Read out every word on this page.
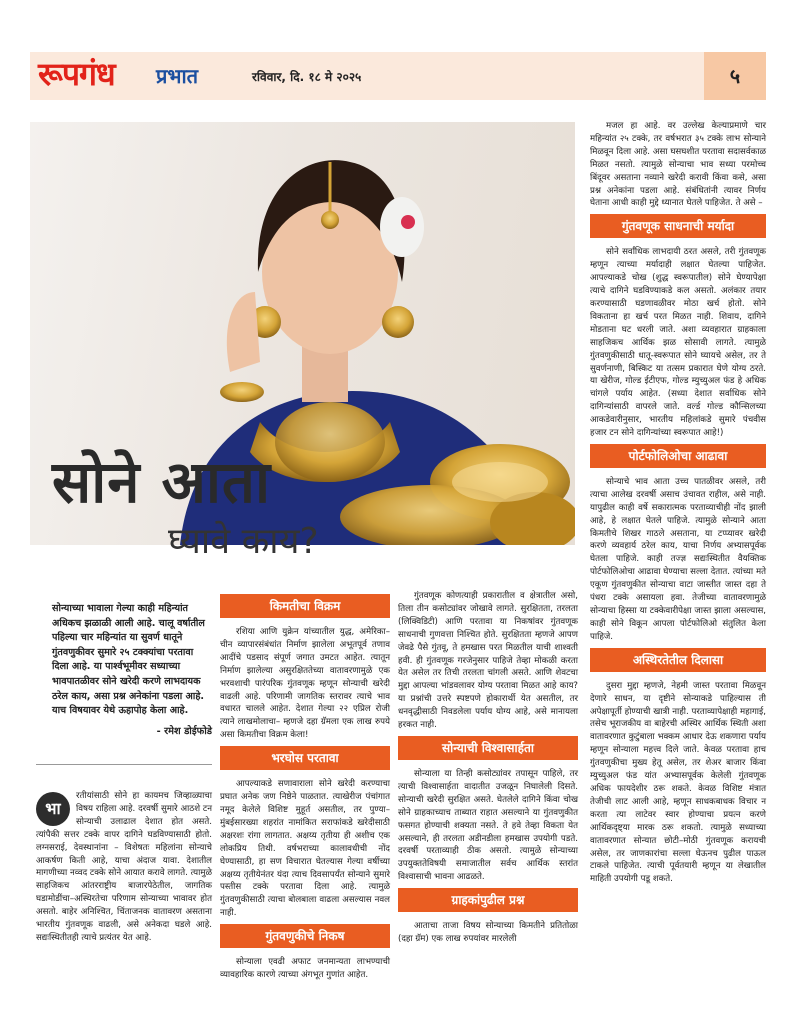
रूपगंध प्रभात	रविवार, दि. १८ मे २०२५	५
सोने आता
घ्यावे काय?
सोन्याच्या भावाला गेल्या काही महिन्यांत अधिकच झळाळी आली आहे. चालू वर्षातील पहिल्या चार महिन्यांत या सुवर्ण धातूने गुंतवणुकीवर सुमारे २५ टक्क्यांचा परतावा दिला आहे. या पार्श्वभूमीवर सध्याच्या भावपातळीवर सोने खरेदी करणे लाभदायक ठरेल काय, असा प्रश्न अनेकांना पडला आहे. याच विषयावर येथे ऊहापोह केला आहे.
- रमेश डोईफोडे
भा

रतीयांसाठी सोने हा कायमच जिव्हाळ्याचा विषय राहिला आहे. दरवर्षी सुमारे आठशे टन सोन्याची उलाढाल देशात होत असते. त्यांपैकी सत्तर टक्के वापर दागिने घडविण्यासाठी होतो. लग्नसराई, देवस्थानांना – विशेषतः महिलांना सोन्याचे आकर्षण किती आहे, याचा अंदाज यावा. देशातील मागणीच्या नव्वद टक्के सोने आयात करावे लागते. त्यामुळे साहजिकच आंतरराष्ट्रीय बाजारपेठेतील, जागतिक घडामोडींचा–अस्थिरतेचा परिणाम सोन्याच्या भावावर होत असतो. बाहेर अनिश्चित, चिंताजनक वातावरण असताना भारतीय गुंतवणूक वाढली, असे अनेकदा घडले आहे. सद्यःस्थितीतही त्याचे प्रत्यंतर येत आहे.

किमतीचा विक्रम

रशिया आणि युक्रेन यांच्यातील युद्ध, अमेरिका–चीन व्यापारसंबंधांत निर्माण झालेला अभूतपूर्व तणाव आदींचे पडसाद संपूर्ण जगात उमटत आहेत. त्यातून निर्माण झालेल्या असुरक्षिततेच्या वातावरणामुळे एक भरवशाची पारंपरिक गुंतवणूक म्हणून सोन्याची खरेदी वाढली आहे. परिणामी जागतिक स्तरावर त्याचे भाव वधारत चालले आहेत. देशात गेल्या २२ एप्रिल रोजी त्याने लाखमोलाचा– म्हणजे दहा ग्रॅमला एक लाख रुपये असा किमतीचा विक्रम केला!

भरघोस परतावा

आपल्याकडे सणावाराला सोने खरेदी करण्याचा प्रघात अनेक जण निष्ठेने पाळतात. त्याखेरीज पंचांगात नमूद केलेले विशिष्ट मुहूर्त असतील, तर पुण्या–मुंबईसारख्या शहरांत नामांकित सराफांकडे खरेदीसाठी अक्षरशः रांगा लागतात. अक्षय्य तृतीया ही अशीच एक लोकप्रिय तिथी. वर्षभराच्या कालावधीची नोंद घेण्यासाठी, हा सण विचारात घेतल्यास गेल्या वर्षीच्या अक्षय्य तृतीयेनंतर यंदा त्याच दिवसापर्यंत सोन्याने सुमारे पस्तीस टक्के परतावा दिला आहे. त्यामुळे गुंतवणुकीसाठी त्याचा बोलबाला वाढला असल्यास नवल नाही.

गुंतवणुकीचे निकष

सोन्याला एवढी अफाट जनमान्यता लाभण्याची व्यावहारिक कारणे त्याच्या अंगभूत गुणांत आहेत.

गुंतवणूक कोणत्याही प्रकारातील व क्षेत्रातील असो, तिला तीन कसोट्यांवर जोखावे लागते. सुरक्षितता, तरलता (लिक्विडिटी) आणि परतावा या निकषांवर गुंतवणूक साधनाची गुणवत्ता निश्चित होते. सुरक्षितता म्हणजे आपण जेवढे पैसे गुंतवू, ते हमखास परत मिळतील याची शाश्वती हवी. ही गुंतवणूक गरजेनुसार पाहिजे तेव्हा मोकळी करता येत असेल तर तिची तरलता चांगली असते. आणि शेवटचा मुद्दा आपल्या भांडवलावर योग्य परतावा मिळत आहे काय? या प्रश्नांची उत्तरे स्पष्टपणे होकारार्थी येत असतील, तर धनवृद्धीसाठी निवडलेला पर्याय योग्य आहे, असे मानायला हरकत नाही.

सोन्याची विश्वासार्हता

सोन्याला या तिन्ही कसोट्यांवर तपासून पाहिले, तर त्याची विश्वासार्हता वादातीत उजळून निघालेली दिसते. सोन्याची खरेदी सुरक्षित असते. घेतलेले दागिने किंवा चोख सोने ग्राहकाच्याच ताब्यात राहात असल्याने या गुंतवणुकीत फसगत होण्याची शक्यता नसते. ते हवे तेव्हा विकता येत असल्याने, ही तरलता अडीनडीला हमखास उपयोगी पडते. दरवर्षी परताव्याही ठीक असतो. त्यामुळे सोन्याच्या उपयुक्ततेविषयी समाजातील सर्वच आर्थिक स्तरांत विश्वासाची भावना आढळते.

ग्राहकांपुढील प्रश्न

आताचा ताजा विषय सोन्याच्या किमतीने प्रतितोळा (दहा ग्रॅम) एक लाख रुपयांवर मारलेली

मजल हा आहे. वर उल्लेख केल्याप्रमाणे चार महिन्यांत २५ टक्के, तर वर्षभरात ३५ टक्के लाभ सोन्याने मिळवून दिला आहे. असा घसघशीत परतावा सदासर्वकाळ मिळत नसतो. त्यामुळे सोन्याचा भाव सध्या परमोच्च बिंदूवर असताना नव्याने खरेदी करावी किंवा कसे, असा प्रश्न अनेकांना पडला आहे. संबंधितांनी त्यावर निर्णय घेताना आधी काही मुद्दे ध्यानात घेतले पाहिजेत. ते असे –

गुंतवणूक साधनाची मर्यादा

सोने सर्वांधिक लाभदायी ठरत असले, तरी गुंतवणूक म्हणून त्याच्या मर्यादाही लक्षात घेतल्या पाहिजेत. आपल्याकडे चोख (शुद्ध स्वरूपातील) सोने घेण्यापेक्षा त्याचे दागिने घडविण्याकडे कल असतो. अलंकार तयार करण्यासाठी घडणावळीवर मोठा खर्च होतो. सोने विकताना हा खर्च परत मिळत नाही. शिवाय, दागिने मोडताना घट धरली जाते. अशा व्यवहारात ग्राहकाला साहजिकच आर्थिक झळ सोसावी लागते. त्यामुळे गुंतवणुकीसाठी धातू-स्वरूपात सोने घ्यायचे असेल, तर ते सुवर्णनाणी, बिस्किट या तत्सम प्रकारात घेणे योग्य ठरते. या खेरीज, गोल्ड ईटीएफ, गोल्ड म्युच्युअल फंड हे अधिक चांगले पर्याय आहेत. (सध्या देशात सर्वाधिक सोने दागिन्यांसाठी वापरले जाते. वर्ल्ड गोल्ड कौन्सिलच्या आकडेवारीनुसार, भारतीय महिलांकडे सुमारे पंचवीस हजार टन सोने दागिन्यांच्या स्वरूपात आहे!)

पोर्टफोलिओचा आढावा

सोन्याचे भाव आता उच्च पातळीवर असले, तरी त्याचा आलेख दरवर्षी असाच उंचावत राहील, असे नाही. यापुढील काही वर्षे सकारात्मक परताव्याचीही नोंद झाली आहे, हे लक्षात घेतले पाहिजे. त्यामुळे सोन्याने आता किमतीचे शिखर गाठले असताना, या टप्प्यावर खरेदी करणे व्यवहार्य ठरेल काय, याचा निर्णय अभ्यासपूर्वक घेतला पाहिजे. काही तज्ज्ञ सद्यःस्थितीत वैयक्तिक पोर्टफोलिओचा आढावा घेण्याचा सल्ला देतात. त्यांच्या मते एकूण गुंतवणुकीत सोन्याचा वाटा जास्तीत जास्त दहा ते पंधरा टक्के असायला हवा. तेजीच्या वातावरणामुळे सोन्याचा हिस्सा या टक्केवारीपेक्षा जास्त झाला असल्यास, काही सोने विकून आपला पोर्टफोलिओ संतुलित केला पाहिजे.

अस्थिरतेतील दिलासा

दुसरा मुद्दा म्हणजे, नेहमी जास्त परतावा मिळवून देणारे साधन, या दृष्टीने सोन्याकडे पाहिल्यास ती अपेक्षापूर्ती होण्याची खात्री नाही. परताव्यापेक्षाही महागाई, तसेच भूराजकीय वा बाहेरची अस्थिर आर्थिक स्थिती अशा वातावरणात कुटुंबाला भक्कम आधार देऊ शकणारा पर्याय म्हणून सोन्याला महत्त्व दिले जाते. केवळ परतावा हाच गुंतवणुकीचा मुख्य हेतू असेल, तर शेअर बाजार किंवा म्युच्युअल फंड यांत अभ्यासपूर्वक केलेली गुंतवणूक अधिक फायदेशीर ठरू शकते. केवळ विशिष्ट मंत्रात तेजीची लाट आली आहे, म्हणून साधकबाधक विचार न करता त्या लाटेवर स्वार होण्याचा प्रयत्न करणे आर्थिकदृष्ट्या मारक ठरू शकतो. त्यामुळे सध्याच्या वातावरणात सोन्यात छोटी–मोठी गुंतवणूक करायची असेल, तर जाणकारांचा सल्ला घेऊनच पुढील पाऊल टाकले पाहिजेत. त्याची पूर्वतयारी म्हणून या लेखातील माहिती उपयोगी पडू शकते.
